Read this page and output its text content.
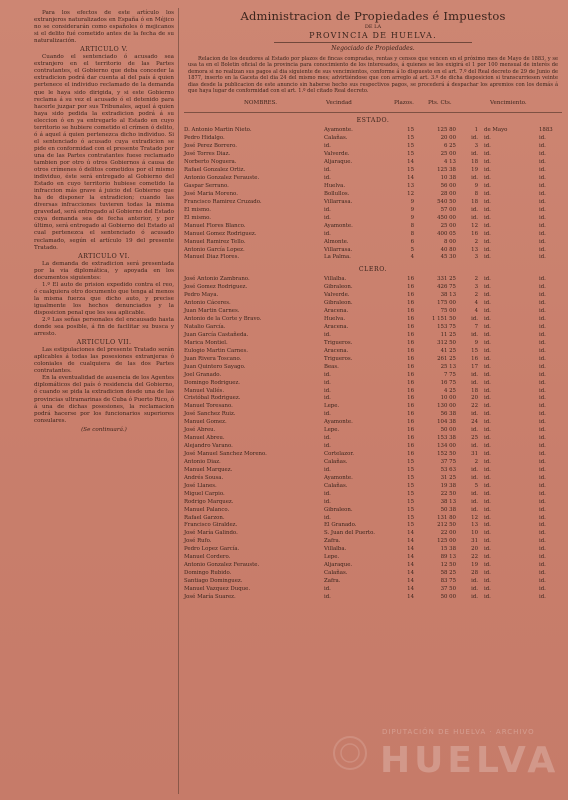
Para los efectos de este artículo los extranjeros naturalizados en España ó en Méjico no se considerarán como españoles ó mejicanos si el delito fué cometido antes de la fecha de su naturalización.

ARTICULO V.

Cuando el sentenciado ó acusado sea extranjero en el territorio de las Partes contratantes, el Gobierno que deba conceder la extradicion podrá dar cuenta al del país á quien pertenece el individuo reclamado de la demanda que le haya sido dirigida, y si este Gobierno reclama á su vez el acusado ó el detenido para hacerle juzgar por sus Tribunales, aquel á quien haya sido pedida la extradicion podrá á su eleccion ó en ya entregarlo al Estado en cuyo territorio se hubiere cometido el crímen ó delito, ó á aquel á quien pertenezca dicho individuo. Si el sentenciado ó acusado cuya extradicion se pide en conformidad con el presente Tratado por una de las Partes contratantes fuese reclamado tambien por otro ú otros Gobiernos á causa de otros crímenes ó delitos cometidos por el mismo individuo, éste será entregado al Gobierno del Estado en cuyo territorio hubiese cometido la infraccion más grave á juicio del Gobierno que ha de disponer la extradicion; cuando las diversas infracciones tuvieren todas la misma gravedad, será entregado al Gobierno del Estado cuya demanda sea de fecha anterior, y por último, será entregado al Gobierno del Estado al cual pertenezca el sentenciado ó acusado reclamado, según el artículo 19 del presente Tratado.

ARTICULO VI.

La demanda de extradicion será presentada por la via diplomática, y apoyada en los documentos siguientes:

1.º El auto de prision expedido contra el reo, ó cualquiera otro documento que tenga al menos la misma fuerza que dicho auto, y precise igualmente los hechos denunciados y la disposicion penal que les sea aplicable.

2.º Las señas personales del encausado hasta donde sea posible, á fin de facilitar su busca y arresto.

ARTICULO VII.

Las estipulaciones del presente Tratado serán aplicables á todas las posesiones extranjeras ó coloniales de cualquiera de las dos Partes contratantes.

En la eventualidad de ausencia de los Agentes diplomáticos del país ó residencia del Gobierno, ó cuando se pida la extradicion desde una de las provincias ultramarinas de Cuba ó Puerto Rico, ó á una de dichas posesiones, la reclamacion podrá hacerse por los funcionarios superiores consulares.

(Se continuará.)

Administracion de Propiedades é Impuestos
DE LA
PROVINCIA DE HUELVA.
Negociado de Propiedades.
Relacion de los deudores al Estado por plazos de fincas compradas, rentas y censos que vencen en el próximo mes de Mayo de 1883, y se usa ta en el Boletin oficial de la provincia para conocimiento de los interesados, á quienes se les exigirá el 1 por 100 mensual de interés de demora si no realizan sus pagos al dia siguiente de sus vencimientos, conforme á lo dispuesto en el art. 7.º del Real decreto de 29 de Junio de 1877, inserto en la Gaceta del dia 24 del mismo mes; advirtiéndose que con arreglo al art. 3.º de dicha disposicion si transcurriesen veinte dias desde la publicacion de este anuncio sin haberse hecho sus respectivos pagos, se procederá á despachar los apremios con los demás á que haya lugar de conformidad con el art. 1.º del citado Real decreto.
NOMBRES.	Vecindad	Plazos.	Pts. Cts.	Vencimiento.
ESTADO.
D. Antonio Martin Nieto.	Ayamonte.	15	125 80	1 de Mayo	1883
Pedro Hidalgo.	Calañas.	15	20 00	id. id.	id.
José Perez Borrero.	id.	15	6 25	3 id.	id.
José Torres Diaz.	Valverde.	15	25 00	id. id.	id.
Norberto Noguera.	Aljaraque.	14	4 13	18 id.	id.
Rafael Gonzalez Ortiz.	id.	15	125 38	19 id.	id.
Antonio Gonzalez Ferauste.	id.	14	10 38	id. id.	id.
Gaspar Serrano.	Huelva.	13	56 00	9 id.	id.
José Maria Moreno.	Bollullos.	12	28 00	8 id.	id.
Francisco Ramirez Cruzado.	Villarrasa.	9	540 50	18 id.	id.
El mismo.	id.	9	57 00	id. id.	id.
El mismo.	id.	9	450 00	id. id.	id.
Manuel Flores Blanco.	Ayamonte.	8	25 00	12 id.	id.
Manuel Gomez Rodriguez.	id.	8	400 05	16 id.	id.
Manuel Ramirez Tello.	Almonte.	6	8 00	2 id.	id.
Antonio García Lopez.	Villarrasa.	5	40 80	13 id.	id.
Manuel Diaz Flores.	La Palma.	4	45 30	3 id.	id.
CLERO.
José Antonio Zambrano.	Villalba.	16	331 25	2 id.	id.
José Gomez Rodriguez.	Gibraleon.	16	426 75	3 id.	id.
Pedro Maya.	Valverde.	16	38 13	2 id.	id.
Antonio Cáceres.	Gibraleon.	16	175 00	4 id.	id.
Juan Martin Carnes.	Aracena.	16	75 00	4 id.	id.
Antonio de la Corte y Bravo.	Huelva.	16	1 151 50	id. id.	id.
Natalio García.	Aracena.	16	153 75	7 id.	id.
Juan García Castañeda.	id.	16	11 25	id. id.	id.
Marica Montiel.	Trigueros.	16	312 50	9 id.	id.
Eulogio Martin Carnes.	Aracena.	16	41 25	15 id.	id.
Juan Rivera Toscano.	Trigueros.	16	261 25	16 id.	id.
Juan Quintero Sayago.	Beas.	16	25 13	17 id.	id.
Joel Granado.	id.	16	7 75	id. id.	id.
Domingo Rodriguez.	id.	16	16 75	id. id.	id.
Manuel Vallés.	id.	16	4 25	18 id.	id.
Cristóbal Rodriguez.	id.	16	10 00	20 id.	id.
Manuel Toresano.	Lepe.	16	130 00	22 id.	id.
José Sanchez Ruiz.	id.	16	56 38	id. id.	id.
Manuel Gomez.	Ayamonte.	16	104 38	24 id.	id.
José Abreu.	Lepe.	16	50 00	id. id.	id.
Manuel Abreu.	id.	16	153 38	25 id.	id.
Alejandro Varano.	id.	16	134 00	id. id.	id.
José Manuel Sanchez Moreno.	Cortelazor.	16	152 50	31 id.	id.
Antonio Diaz.	Calañas.	15	37 75	2 id.	id.
Manuel Marquez.	id.	15	53 63	id. id.	id.
Andrés Sousa.	Ayamonte.	15	31 25	id. id.	id.
José Llanes.	Calañas.	15	19 38	5 id.	id.
Miguel Carpio.	id.	15	22 50	id. id.	id.
Rodrigo Marquez.	id.	15	38 13	id. id.	id.
Manuel Palanco.	Gibraleon.	15	50 38	id. id.	id.
Rafael Garzon.	id.	15	131 80	12 id.	id.
Francisco Giraldez.	El Granado.	15	212 50	13 id.	id.
José María Galindo.	S. Juan del Puerto.	14	22 00	10 id.	id.
José Rufo.	Zafra.	14	125 00	31 id.	id.
Pedro Lopez García.	Villalba.	14	15 38	20 id.	id.
Manuel Cordero.	Lepe.	14	89 13	22 id.	id.
Antonio Gonzalez Ferauste.	Aljaraque.	14	12 50	19 id.	id.
Domingo Rubido.	Calañas.	14	58 25	28 id.	id.
Santiago Dominguez.	Zafra.	14	83 75	id. id.	id.
Manuel Vazquez Duque.	id.	14	37 50	id. id.	id.
José María Suarez.	id.	14	50 00	id. id.	id.
DIPUTACIÓN DE HUELVA · ARCHIVO
HUELVA
